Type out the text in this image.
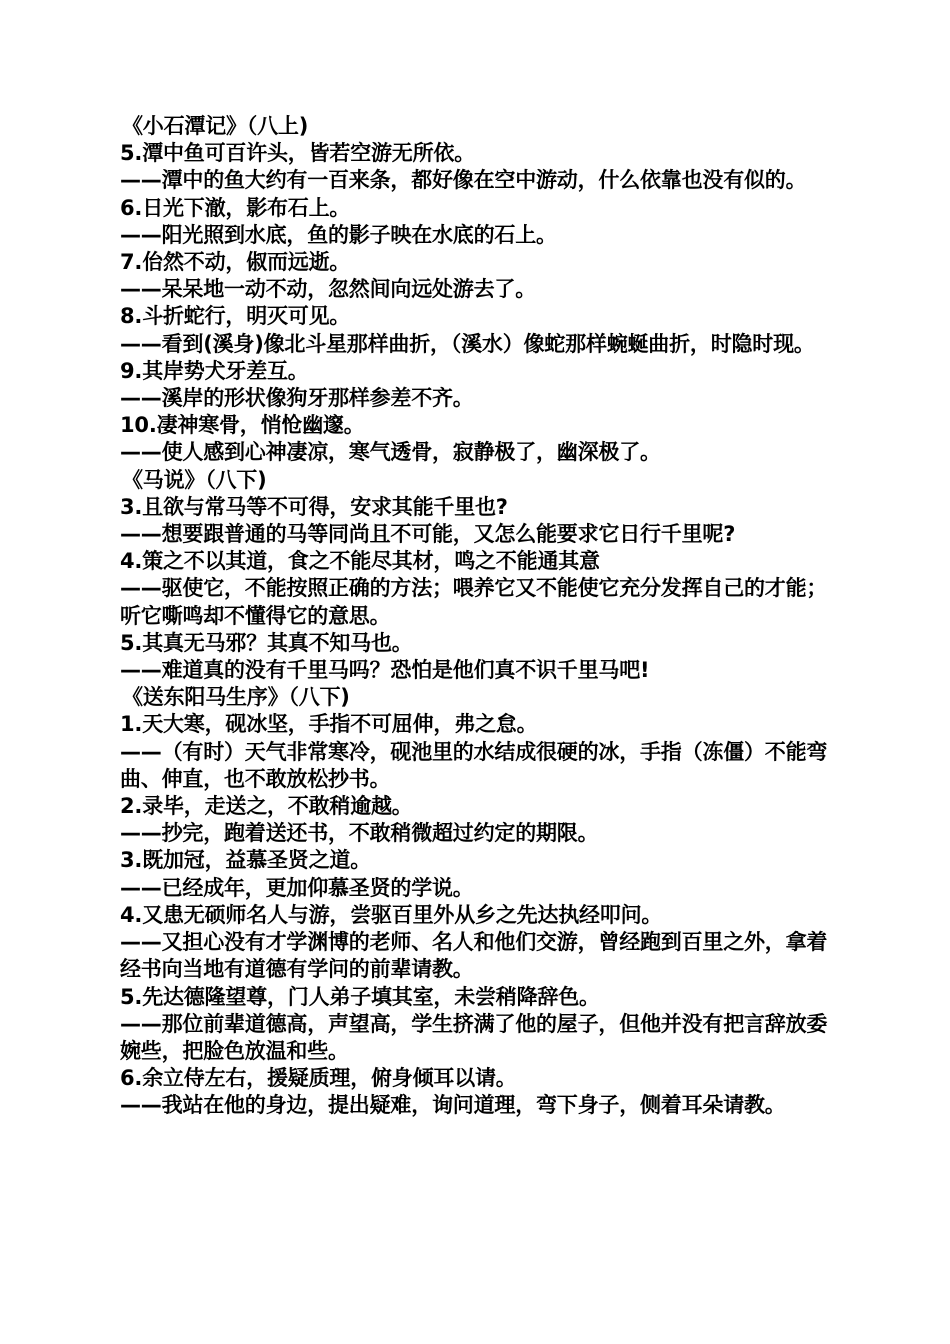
《小石潭记》（八上)

5.潭中鱼可百许头，皆若空游无所依。

——潭中的鱼大约有一百来条，都好像在空中游动，什么依靠也没有似的。

6.日光下澈，影布石上。

——阳光照到水底，鱼的影子映在水底的石上。

7.佁然不动，俶而远逝。

——呆呆地一动不动，忽然间向远处游去了。

8.斗折蛇行，明灭可见。

——看到(溪身)像北斗星那样曲折，（溪水）像蛇那样蜿蜒曲折，时隐时现。

9.其岸势犬牙差互。

——溪岸的形状像狗牙那样参差不齐。

10.凄神寒骨，悄怆幽邃。

——使人感到心神凄凉，寒气透骨，寂静极了，幽深极了。

《马说》（八下)

3.且欲与常马等不可得，安求其能千里也?

——想要跟普通的马等同尚且不可能，又怎么能要求它日行千里呢?

4.策之不以其道，食之不能尽其材，鸣之不能通其意

——驱使它，不能按照正确的方法；喂养它又不能使它充分发挥自己的才能；听它嘶鸣却不懂得它的意思。

5.其真无马邪？其真不知马也。

——难道真的没有千里马吗？恐怕是他们真不识千里马吧!

《送东阳马生序》（八下)

1.天大寒，砚冰坚，手指不可屈伸，弗之怠。

——（有时）天气非常寒冷，砚池里的水结成很硬的冰，手指（冻僵）不能弯曲、伸直，也不敢放松抄书。

2.录毕，走送之，不敢稍逾越。

——抄完，跑着送还书，不敢稍微超过约定的期限。

3.既加冠，益慕圣贤之道。

——已经成年，更加仰慕圣贤的学说。

4.又患无硕师名人与游，尝驱百里外从乡之先达执经叩问。

——又担心没有才学渊博的老师、名人和他们交游，曾经跑到百里之外，拿着经书向当地有道德有学问的前辈请教。

5.先达德隆望尊，门人弟子填其室，未尝稍降辞色。

——那位前辈道德高，声望高，学生挤满了他的屋子，但他并没有把言辞放委婉些，把脸色放温和些。

6.余立侍左右，援疑质理，俯身倾耳以请。

——我站在他的身边，提出疑难，询问道理，弯下身子，侧着耳朵请教。
